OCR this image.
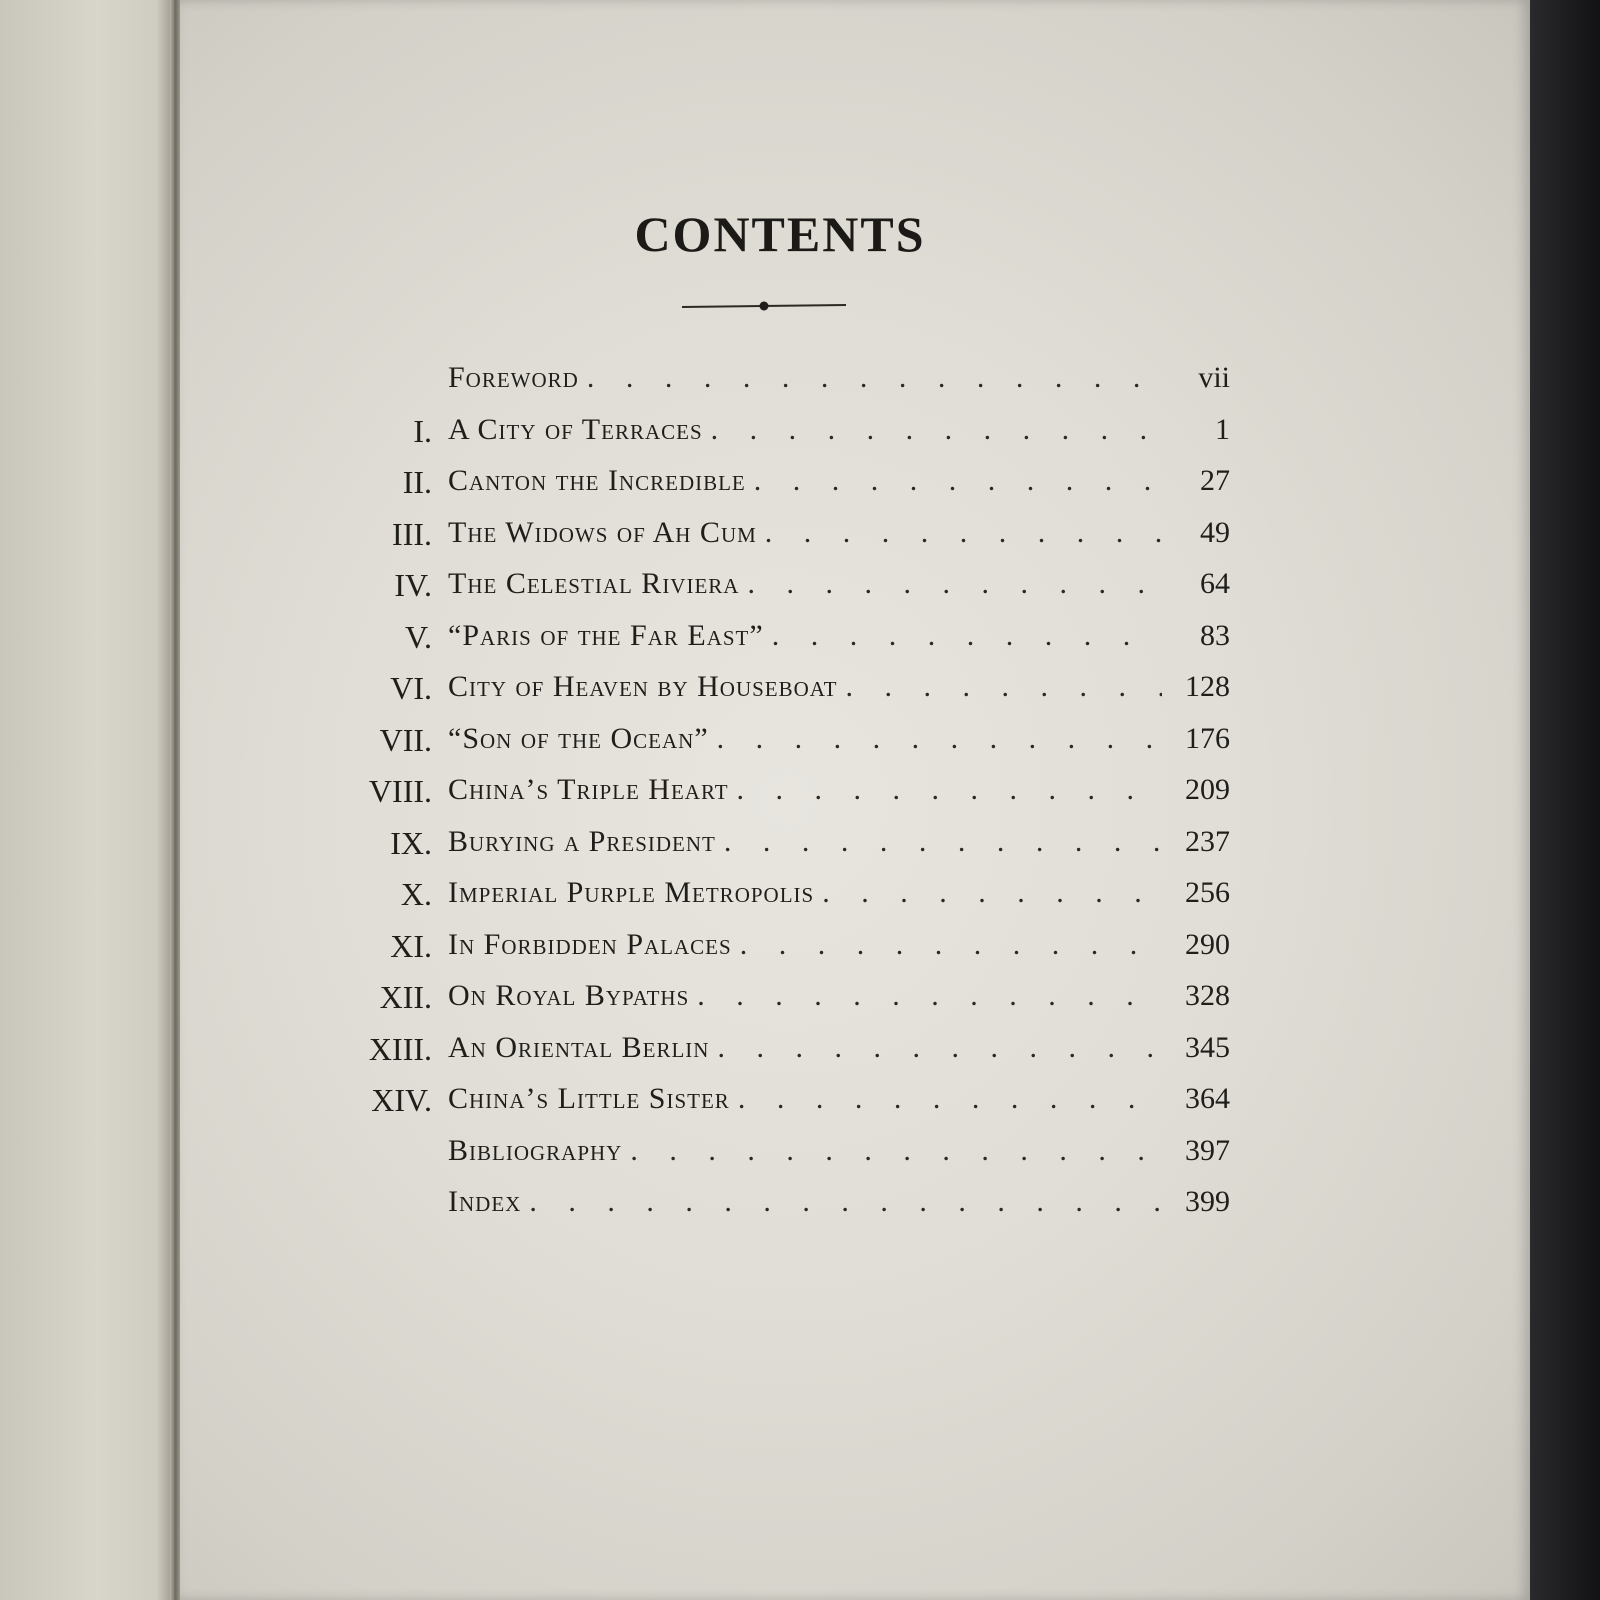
CONTENTS
Foreword . . .	vii
I. A City of Terraces . . .	1
II. Canton the Incredible . . .	27
III. The Widows of Ah Cum . . .	49
IV. The Celestial Riviera . . .	64
V. “Paris of the Far East” . . .	83
VI. City of Heaven by Houseboat . . .	128
VII. “Son of the Ocean” . . .	176
VIII. China’s Triple Heart . . .	209
IX. Burying a President . . .	237
X. Imperial Purple Metropolis . . .	256
XI. In Forbidden Palaces . . .	290
XII. On Royal Bypaths . . .	328
XIII. An Oriental Berlin . . .	345
XIV. China’s Little Sister . . .	364
Bibliography . . .	397
Index . . .	399
